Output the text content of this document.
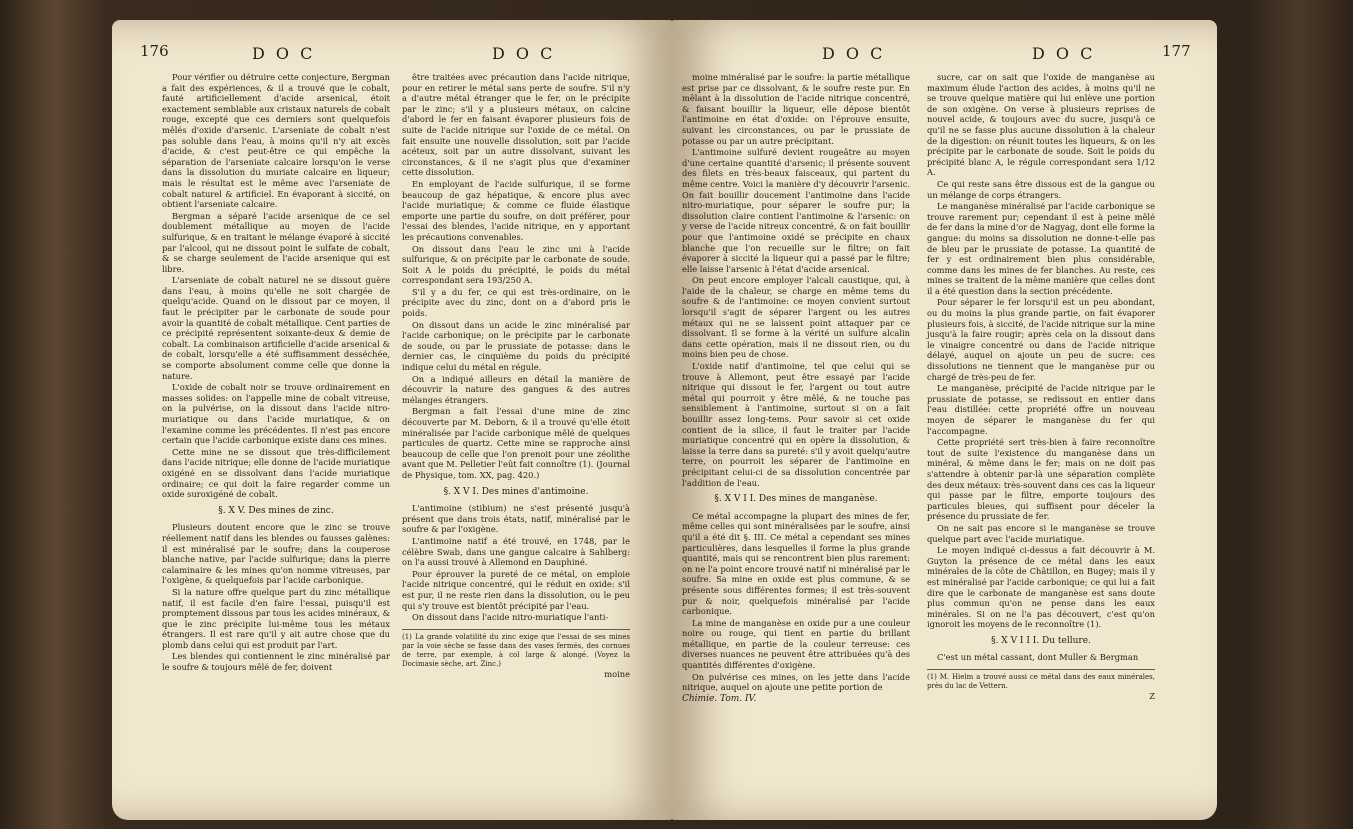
176	D O C	D O C

Pour vérifier ou détruire cette conjecture, Bergman a fait des expériences, & il a trouvé que le cobalt, fauté artificiellement d'acide arsenical, étoit exactement semblable aux cristaux naturels de cobalt rouge, excepté que ces derniers sont quelquefois mêlés d'oxide d'arsenic. L'arseniate de cobalt n'est pas soluble dans l'eau, à moins qu'il n'y ait excès d'acide, & c'est peut-être ce qui empêche la séparation de l'arseniate calcaire lorsqu'on le verse dans la dissolution du muriate calcaire en liqueur; mais le résultat est le même avec l'arseniate de cobalt naturel & artificiel. En évaporant à siccité, on obtient l'arseniate calcaire.

Bergman a séparé l'acide arsenique de ce sel doublement métallique au moyen de l'acide sulfurique, & en traitant le mélange évaporé à siccité par l'alcool, qui ne dissout point le sulfate de cobalt, & se charge seulement de l'acide arsenique qui est libre.

L'arseniate de cobalt naturel ne se dissout guère dans l'eau, à moins qu'elle ne soit chargée de quelqu'acide. Quand on le dissout par ce moyen, il faut le précipiter par le carbonate de soude pour avoir la quantité de cobalt métallique. Cent parties de ce précipité représentent soixante-deux & demie de cobalt. La combinaison artificielle d'acide arsenical & de cobalt, lorsqu'elle a été suffisamment desséchée, se comporte absolument comme celle que donne la nature.

L'oxide de cobalt noir se trouve ordinairement en masses solides: on l'appelle mine de cobalt vitreuse, on la pulvérise, on la dissout dans l'acide nitro-muriatique ou dans l'acide muriatique, & on l'examine comme les précédentes. Il n'est pas encore certain que l'acide carbonique existe dans ces mines.

Cette mine ne se dissout que très-difficilement dans l'acide nitrique; elle donne de l'acide muriatique oxigéné en se dissolvant dans l'acide muriatique ordinaire; ce qui doit la faire regarder comme un oxide suroxigéné de cobalt.

§. X V. Des mines de zinc.

Plusieurs doutent encore que le zinc se trouve réellement natif dans les blendes ou fausses galènes: il est minéralisé par le soufre; dans la couperose blanche native, par l'acide sulfurique; dans la pierre calaminaire & les mines qu'on nomme vitreuses, par l'oxigène, & quelquefois par l'acide carbonique.

Si la nature offre quelque part du zinc métallique natif, il est facile d'en faire l'essai, puisqu'il est promptement dissous par tous les acides minéraux, & que le zinc précipite lui-même tous les métaux étrangers. Il est rare qu'il y ait autre chose que du plomb dans celui qui est produit par l'art.

Les blendes qui contiennent le zinc minéralisé par le soufre & toujours mêlé de fer, doivent

être traitées avec précaution dans l'acide nitrique, pour en retirer le métal sans perte de soufre. S'il n'y a d'autre métal étranger que le fer, on le précipite par le zinc; s'il y a plusieurs métaux, on calcine d'abord le fer en faisant évaporer plusieurs fois de suite de l'acide nitrique sur l'oxide de ce métal. On fait ensuite une nouvelle dissolution, soit par l'acide acéteux, soit par un autre dissolvant, suivant les circonstances, & il ne s'agit plus que d'examiner cette dissolution.

En employant de l'acide sulfurique, il se forme beaucoup de gaz hépatique, & encore plus avec l'acide muriatique; & comme ce fluide élastique emporte une partie du soufre, on doit préférer, pour l'essai des blendes, l'acide nitrique, en y apportant les précautions convenables.

On dissout dans l'eau le zinc uni à l'acide sulfurique, & on précipite par le carbonate de soude. Soit A le poids du précipité, le poids du métal correspondant sera 193/250 A.

S'il y a du fer, ce qui est très-ordinaire, on le précipite avec du zinc, dont on a d'abord pris le poids.

On dissout dans un acide le zinc minéralisé par l'acide carbonique; on le précipite par le carbonate de soude, ou par le prussiate de potasse: dans le dernier cas, le cinquième du poids du précipité indique celui du métal en régule.

On a indiqué ailleurs en détail la manière de découvrir la nature des gangues & des autres mélanges étrangers.

Bergman a fait l'essai d'une mine de zinc découverte par M. Deborn, & il a trouvé qu'elle étoit minéralisée par l'acide carbonique mêlé de quelques particules de quartz. Cette mine se rapproche ainsi beaucoup de celle que l'on prenoit pour une zéolithe avant que M. Pelletier l'eût fait connoître (1). (Journal de Physique, tom. XX, pag. 420.)

§. X V I. Des mines d'antimoine.

L'antimoine (stibium) ne s'est présenté jusqu'à présent que dans trois états, natif, minéralisé par le soufre & par l'oxigène.

L'antimoine natif a été trouvé, en 1748, par le célèbre Swab, dans une gangue calcaire à Sahlberg: on l'a aussi trouvé à Allemond en Dauphiné.

Pour éprouver la pureté de ce métal, on emploie l'acide nitrique concentré, qui le réduit en oxide: s'il est pur, il ne reste rien dans la dissolution, ou le peu qui s'y trouve est bientôt précipité par l'eau.

On dissout dans l'acide nitro-muriatique l'anti-

(1) La grande volatilité du zinc exige que l'essai de ses mines par la voie sèche se fasse dans des vases fermés, des cornues de terre, par exemple, à col large & alongé. (Voyez la Docimasie sèche, art. Zinc.)
moine
D O C	D O C	177

moine minéralisé par le soufre: la partie métallique est prise par ce dissolvant, & le soufre reste pur. En mêlant à la dissolution de l'acide nitrique concentré, & faisant bouillir la liqueur, elle dépose bientôt l'antimoine en état d'oxide: on l'éprouve ensuite, suivant les circonstances, ou par le prussiate de potasse ou par un autre précipitant.

L'antimoine sulfuré devient rougeâtre au moyen d'une certaine quantité d'arsenic; il présente souvent des filets en très-beaux faisceaux, qui partent du même centre. Voici la manière d'y découvrir l'arsenic. On fait bouillir doucement l'antimoine dans l'acide nitro-muriatique, pour séparer le soufre pur; la dissolution claire contient l'antimoine & l'arsenic: on y verse de l'acide nitreux concentré, & on fait bouillir pour que l'antimoine oxidé se précipite en chaux blanche que l'on recueille sur le filtre; on fait évaporer à siccité la liqueur qui a passé par le filtre; elle laisse l'arsenic à l'état d'acide arsenical.

On peut encore employer l'alcali caustique, qui, à l'aide de la chaleur, se charge en même tems du soufre & de l'antimoine: ce moyen convient surtout lorsqu'il s'agit de séparer l'argent ou les autres métaux qui ne se laissent point attaquer par ce dissolvant. Il se forme à la vérité un sulfure alcalin dans cette opération, mais il ne dissout rien, ou du moins bien peu de chose.

L'oxide natif d'antimoine, tel que celui qui se trouve à Allemont, peut être essayé par l'acide nitrique qui dissout le fer, l'argent ou tout autre métal qui pourroit y être mêlé, & ne touche pas sensiblement à l'antimoine, surtout si on a fait bouillir assez long-tems. Pour savoir si cet oxide contient de la silice, il faut le traiter par l'acide muriatique concentré qui en opère la dissolution, & laisse la terre dans sa pureté: s'il y avoit quelqu'autre terre, on pourroit les séparer de l'antimoine en précipitant celui-ci de sa dissolution concentrée par l'addition de l'eau.

§. X V I I. Des mines de manganèse.

Ce métal accompagne la plupart des mines de fer, même celles qui sont minéralisées par le soufre, ainsi qu'il a été dit §. III. Ce métal a cependant ses mines particulières, dans lesquelles il forme la plus grande quantité, mais qui se rencontrent bien plus rarement: on ne l'a point encore trouvé natif ni minéralisé par le soufre. Sa mine en oxide est plus commune, & se présente sous différentes formes; il est très-souvent pur & noir, quelquefois minéralisé par l'acide carbonique.

La mine de manganèse en oxide pur a une couleur noire ou rouge, qui tient en partie du brillant métallique, en partie de la couleur terreuse: ces diverses nuances ne peuvent être attribuées qu'à des quantités différentes d'oxigène.

On pulvérise ces mines, on les jette dans l'acide nitrique, auquel on ajoute une petite portion de

Chimie. Tom. IV.

sucre, car on sait que l'oxide de manganèse au maximum élude l'action des acides, à moins qu'il ne se trouve quelque matière qui lui enlève une portion de son oxigène. On verse à plusieurs reprises de nouvel acide, & toujours avec du sucre, jusqu'à ce qu'il ne se fasse plus aucune dissolution à la chaleur de la digestion: on réunit toutes les liqueurs, & on les précipite par le carbonate de soude. Soit le poids du précipité blanc A, le régule correspondant sera 1/12 A.

Ce qui reste sans être dissous est de la gangue ou un mélange de corps étrangers.

Le manganèse minéralisé par l'acide carbonique se trouve rarement pur; cependant il est à peine mêlé de fer dans la mine d'or de Nagyag, dont elle forme la gangue: du moins sa dissolution ne donne-t-elle pas de bleu par le prussiate de potasse. La quantité de fer y est ordinairement bien plus considérable, comme dans les mines de fer blanches. Au reste, ces mines se traitent de la même manière que celles dont il a été question dans la section précédente.

Pour séparer le fer lorsqu'il est un peu abondant, ou du moins la plus grande partie, on fait évaporer plusieurs fois, à siccité, de l'acide nitrique sur la mine jusqu'à la faire rougir; après cela on la dissout dans le vinaigre concentré ou dans de l'acide nitrique délayé, auquel on ajoute un peu de sucre: ces dissolutions ne tiennent que le manganèse pur ou chargé de très-peu de fer.

Le manganèse, précipité de l'acide nitrique par le prussiate de potasse, se redissout en entier dans l'eau distillée: cette propriété offre un nouveau moyen de séparer le manganèse du fer qui l'accompagne.

Cette propriété sert très-bien à faire reconnoître tout de suite l'existence du manganèse dans un minéral, & même dans le fer; mais on ne doit pas s'attendre à obtenir par-là une séparation complète des deux métaux: très-souvent dans ces cas la liqueur qui passe par le filtre, emporte toujours des particules bleues, qui suffisent pour déceler la présence du prussiate de fer.

On ne sait pas encore si le manganèse se trouve quelque part avec l'acide muriatique.

Le moyen indiqué ci-dessus a fait découvrir à M. Guyton la présence de ce métal dans les eaux minérales de la côte de Châtillon, en Bugey; mais il y est minéralisé par l'acide carbonique; ce qui lui a fait dire que le carbonate de manganèse est sans doute plus commun qu'on ne pense dans les eaux minérales. Si on ne l'a pas découvert, c'est qu'on ignoroit les moyens de le reconnoître (1).

§. X V I I I. Du tellure.

C'est un métal cassant, dont Muller & Bergman

(1) M. Hielm a trouvé aussi ce métal dans des eaux minérales, près du lac de Vettern.
Z
